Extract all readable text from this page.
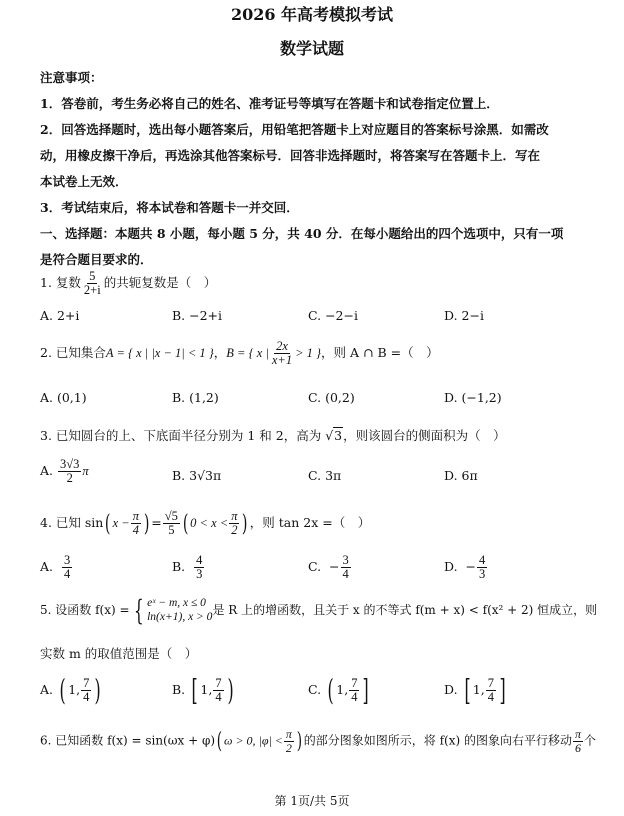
2026 年高考模拟考试
数学试题
注意事项：
1．答卷前，考生务必将自己的姓名、准考证号等填写在答题卡和试卷指定位置上．
2．回答选择题时，选出每小题答案后，用铅笔把答题卡上对应题目的答案标号涂黑．如需改
动，用橡皮擦干净后，再选涂其他答案标号．回答非选择题时，将答案写在答题卡上．写在
本试卷上无效．
3．考试结束后，将本试卷和答题卡一并交回．
一、选择题：本题共 8 小题，每小题 5 分，共 40 分．在每小题给出的四个选项中，只有一项
是符合题目要求的．
1. 复数 $\frac{5}{2+i}$ 的共轭复数是（　）
A. 2+i	B. −2+i	C. −2−i	D. 2−i
2. 已知集合A = { x | |x − 1| < 1 }，B = { x | $\frac{2x}{x+1} > 1$ }，则 A ∩ B =（　）
A. (0,1)	B. (1,2)	C. (0,2)	D. (−1,2)
3. 已知圆台的上、下底面半径分别为 1 和 2，高为 √3，则该圆台的侧面积为（　）
A. $\frac{3√3}{2}$ π	B. 3√3π	C. 3π	D. 6π
4. 已知 sin( $x - \frac{\pi}{4}$ ) = $\frac{√5}{5}$ ( $0 < x < \frac{\pi}{2}$ ) ，则 tan 2x =（　）
A. $\frac{3}{4}$	B. $\frac{4}{3}$	C. − $\frac{3}{4}$	D. − $\frac{4}{3}$
5. 设函数 f(x) = { eˣ − m, x ≤ 0
ln(x+1), x > 0
是 R 上的增函数，且关于 x 的不等式 f(m + x) < f(x² + 2) 恒成立，则
实数 m 的取值范围是（　）
A. ( 1, $\frac{7}{4}$ )	B. [ 1, $\frac{7}{4}$ )	C. ( 1, $\frac{7}{4}$ ]	D. [ 1, $\frac{7}{4}$ ]
6. 已知函数 f(x) = sin(ωx + φ)( ω > 0, $|\varphi| < \frac{\pi}{2}$ ) 的部分图象如图所示，将 f(x) 的图象向右平行移动 $\frac{\pi}{6}$ 个
第 1页/共 5页
